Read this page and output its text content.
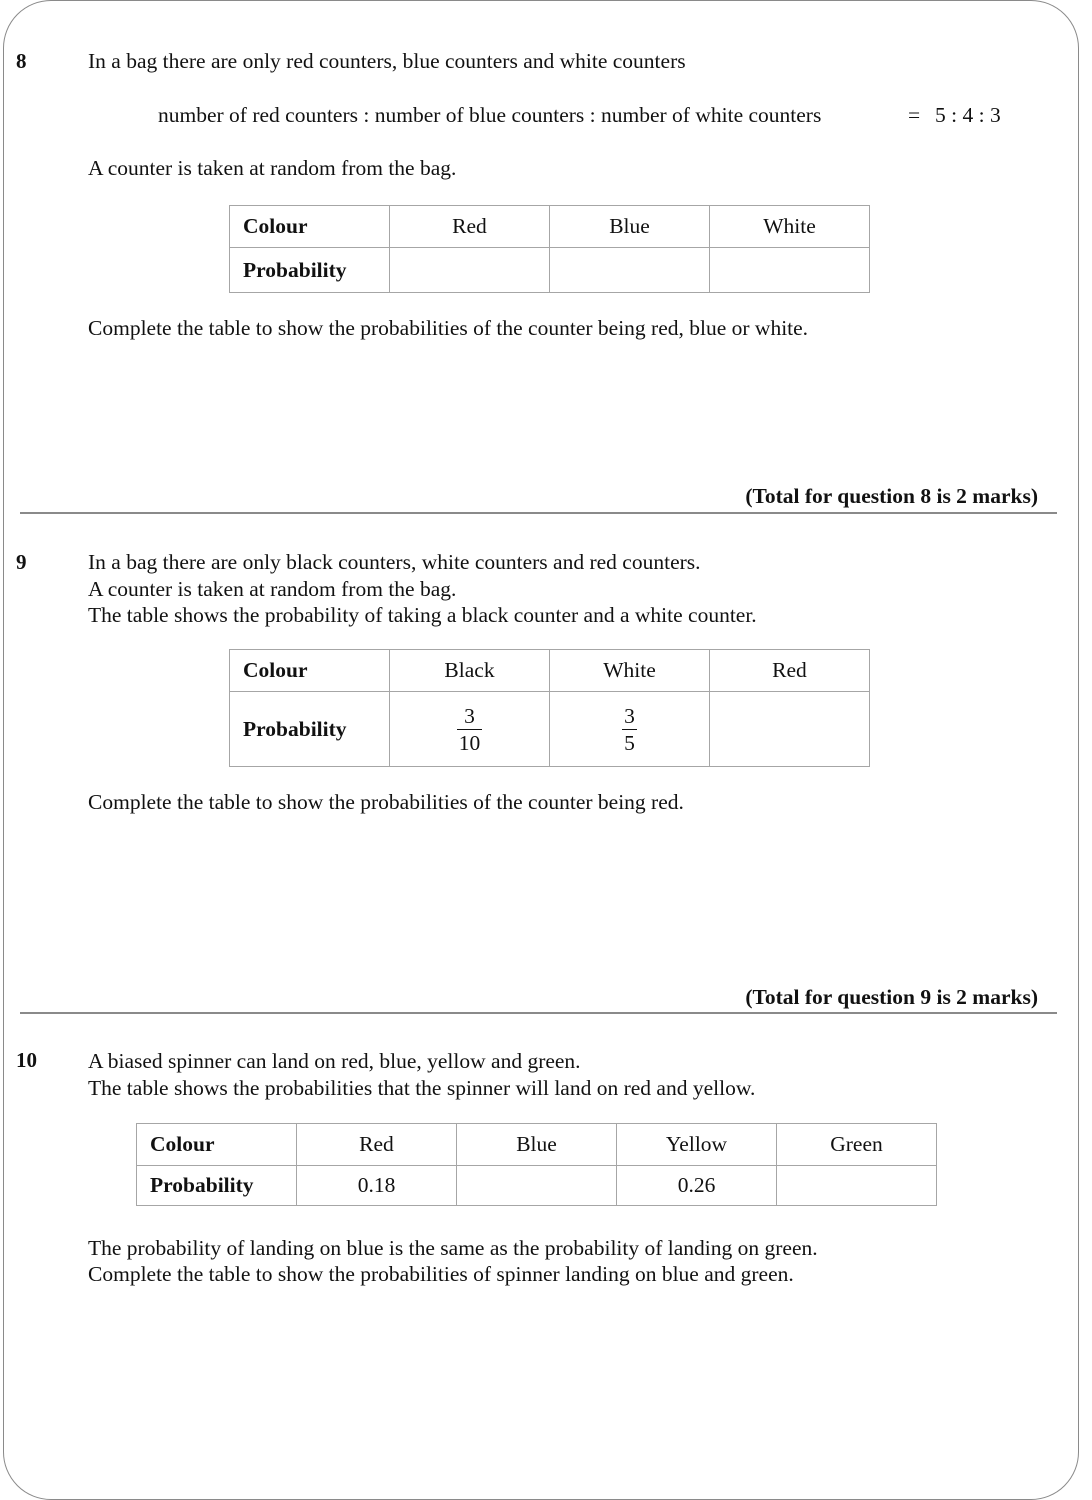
8	In a bag there are only red counters, blue counters and white counters
number of red counters : number of blue counters : number of white counters	= 5 : 4 : 3
A counter is taken at random from the bag.
Colour	Red	Blue	White
Probability			
Complete the table to show the probabilities of the counter being red, blue or white.
(Total for question 8 is 2 marks)
9	In a bag there are only black counters, white counters and red counters.
A counter is taken at random from the bag.
The table shows the probability of taking a black counter and a white counter.
Colour	Black	White	Red
Probability	$\frac{3}{10}$	$\frac{3}{5}$

Complete the table to show the probabilities of the counter being red.
(Total for question 9 is 2 marks)
10 A biased spinner can land on red, blue, yellow and green.
The table shows the probabilities that the spinner will land on red and yellow.
Colour	Red	Blue	Yellow	Green
Probability	0.18		0.26	
The probability of landing on blue is the same as the probability of landing on green.
Complete the table to show the probabilities of spinner landing on blue and green.
